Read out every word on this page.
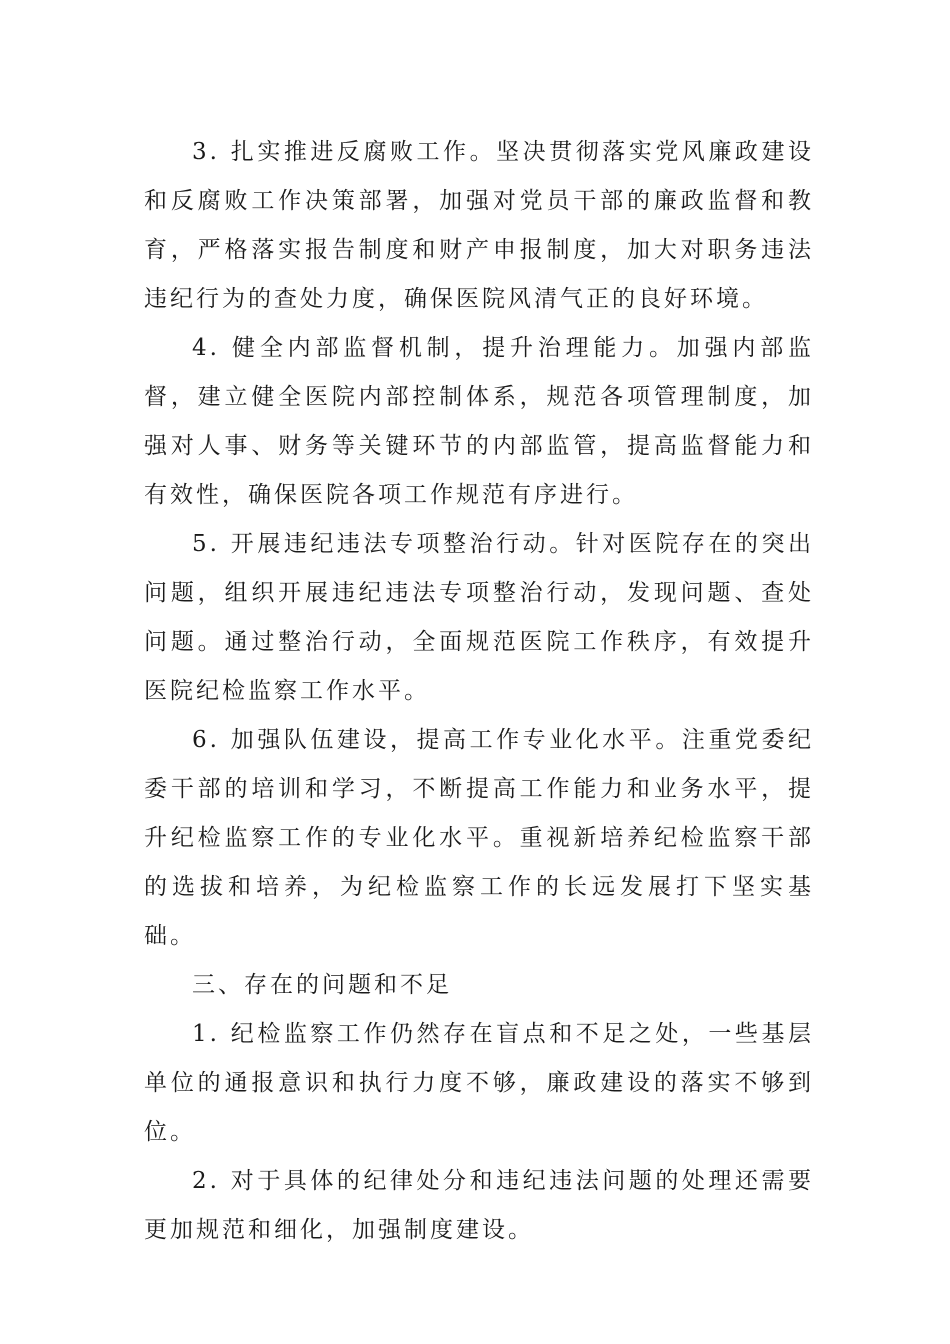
3. 扎实推进反腐败工作。坚决贯彻落实党风廉政建设和反腐败工作决策部署，加强对党员干部的廉政监督和教育，严格落实报告制度和财产申报制度，加大对职务违法违纪行为的查处力度，确保医院风清气正的良好环境。

4. 健全内部监督机制，提升治理能力。加强内部监督，建立健全医院内部控制体系，规范各项管理制度，加强对人事、财务等关键环节的内部监管，提高监督能力和有效性，确保医院各项工作规范有序进行。

5. 开展违纪违法专项整治行动。针对医院存在的突出问题，组织开展违纪违法专项整治行动，发现问题、查处问题。通过整治行动，全面规范医院工作秩序，有效提升医院纪检监察工作水平。

6. 加强队伍建设，提高工作专业化水平。注重党委纪委干部的培训和学习，不断提高工作能力和业务水平，提升纪检监察工作的专业化水平。重视新培养纪检监察干部的选拔和培养，为纪检监察工作的长远发展打下坚实基础。

三、存在的问题和不足

1. 纪检监察工作仍然存在盲点和不足之处，一些基层单位的通报意识和执行力度不够，廉政建设的落实不够到位。

2. 对于具体的纪律处分和违纪违法问题的处理还需要更加规范和细化，加强制度建设。
